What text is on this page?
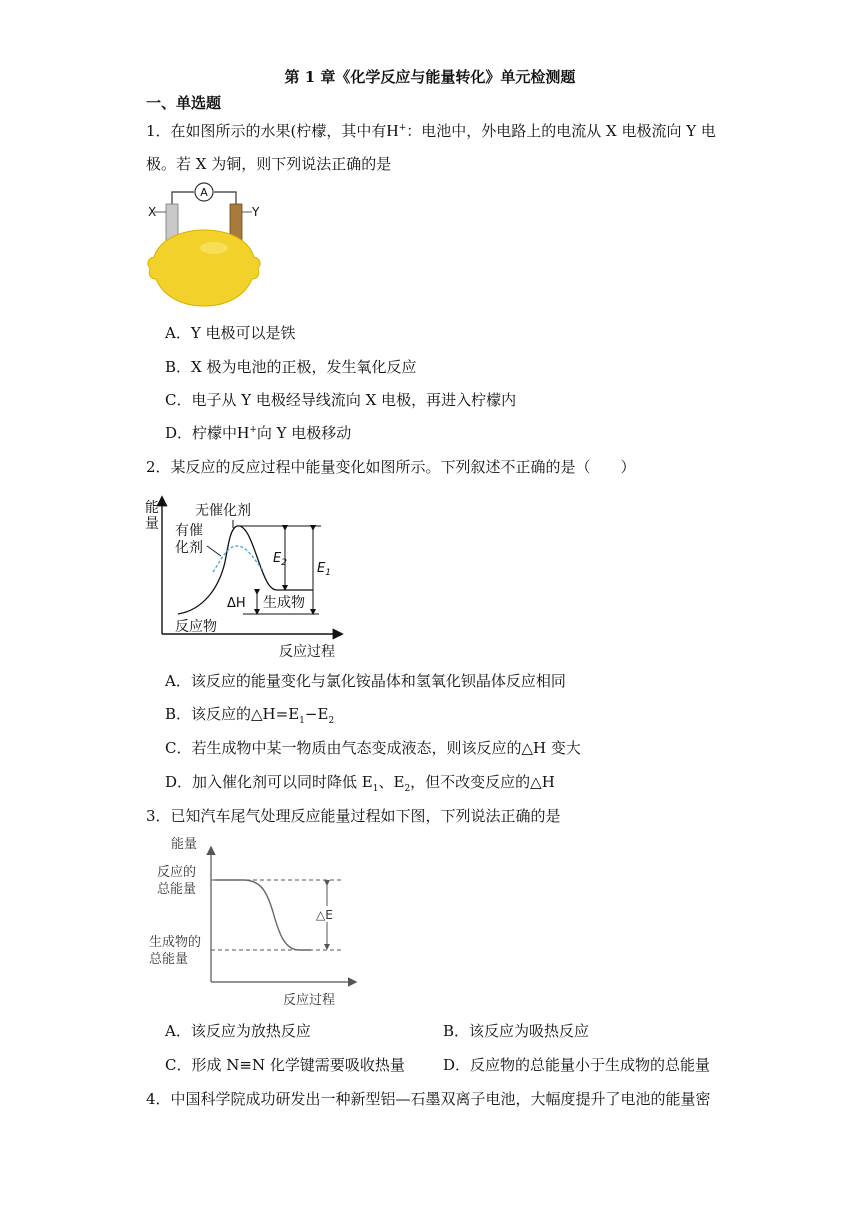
第 1 章《化学反应与能量转化》单元检测题
一、单选题
1．在如图所示的水果(柠檬，其中有H+：电池中，外电路上的电流从 X 电极流向 Y 电
极。若 X 为铜，则下列说法正确的是
A
X	Y
A．Y 电极可以是铁
B．X 极为电池的正极，发生氧化反应
C．电子从 Y 电极经导线流向 X 电极，再进入柠檬内
D．柠檬中H+向 Y 电极移动
2．某反应的反应过程中能量变化如图所示。下列叙述不正确的是（　　）
能
量
反应过程
无催化剂
有催
化剂
$E_2$ $E_1$
ΔH 生成物
反应物
A．该反应的能量变化与氯化铵晶体和氢氧化钡晶体反应相同
B．该反应的$\triangle H=E_1-E_2$
C．若生成物中某一物质由气态变成液态，则该反应的△H 变大
D．加入催化剂可以同时降低 $E_1$、$E_2$，但不改变反应的△H
3．已知汽车尾气处理反应能量过程如下图，下列说法正确的是
能量
反应过程
反应的
总能量
生成物的
总能量
△E
A．该反应为放热反应	B．该反应为吸热反应
C．形成 N≡N 化学键需要吸收热量	D．反应物的总能量小于生成物的总能量
4．中国科学院成功研发出一种新型铝—石墨双离子电池，大幅度提升了电池的能量密
